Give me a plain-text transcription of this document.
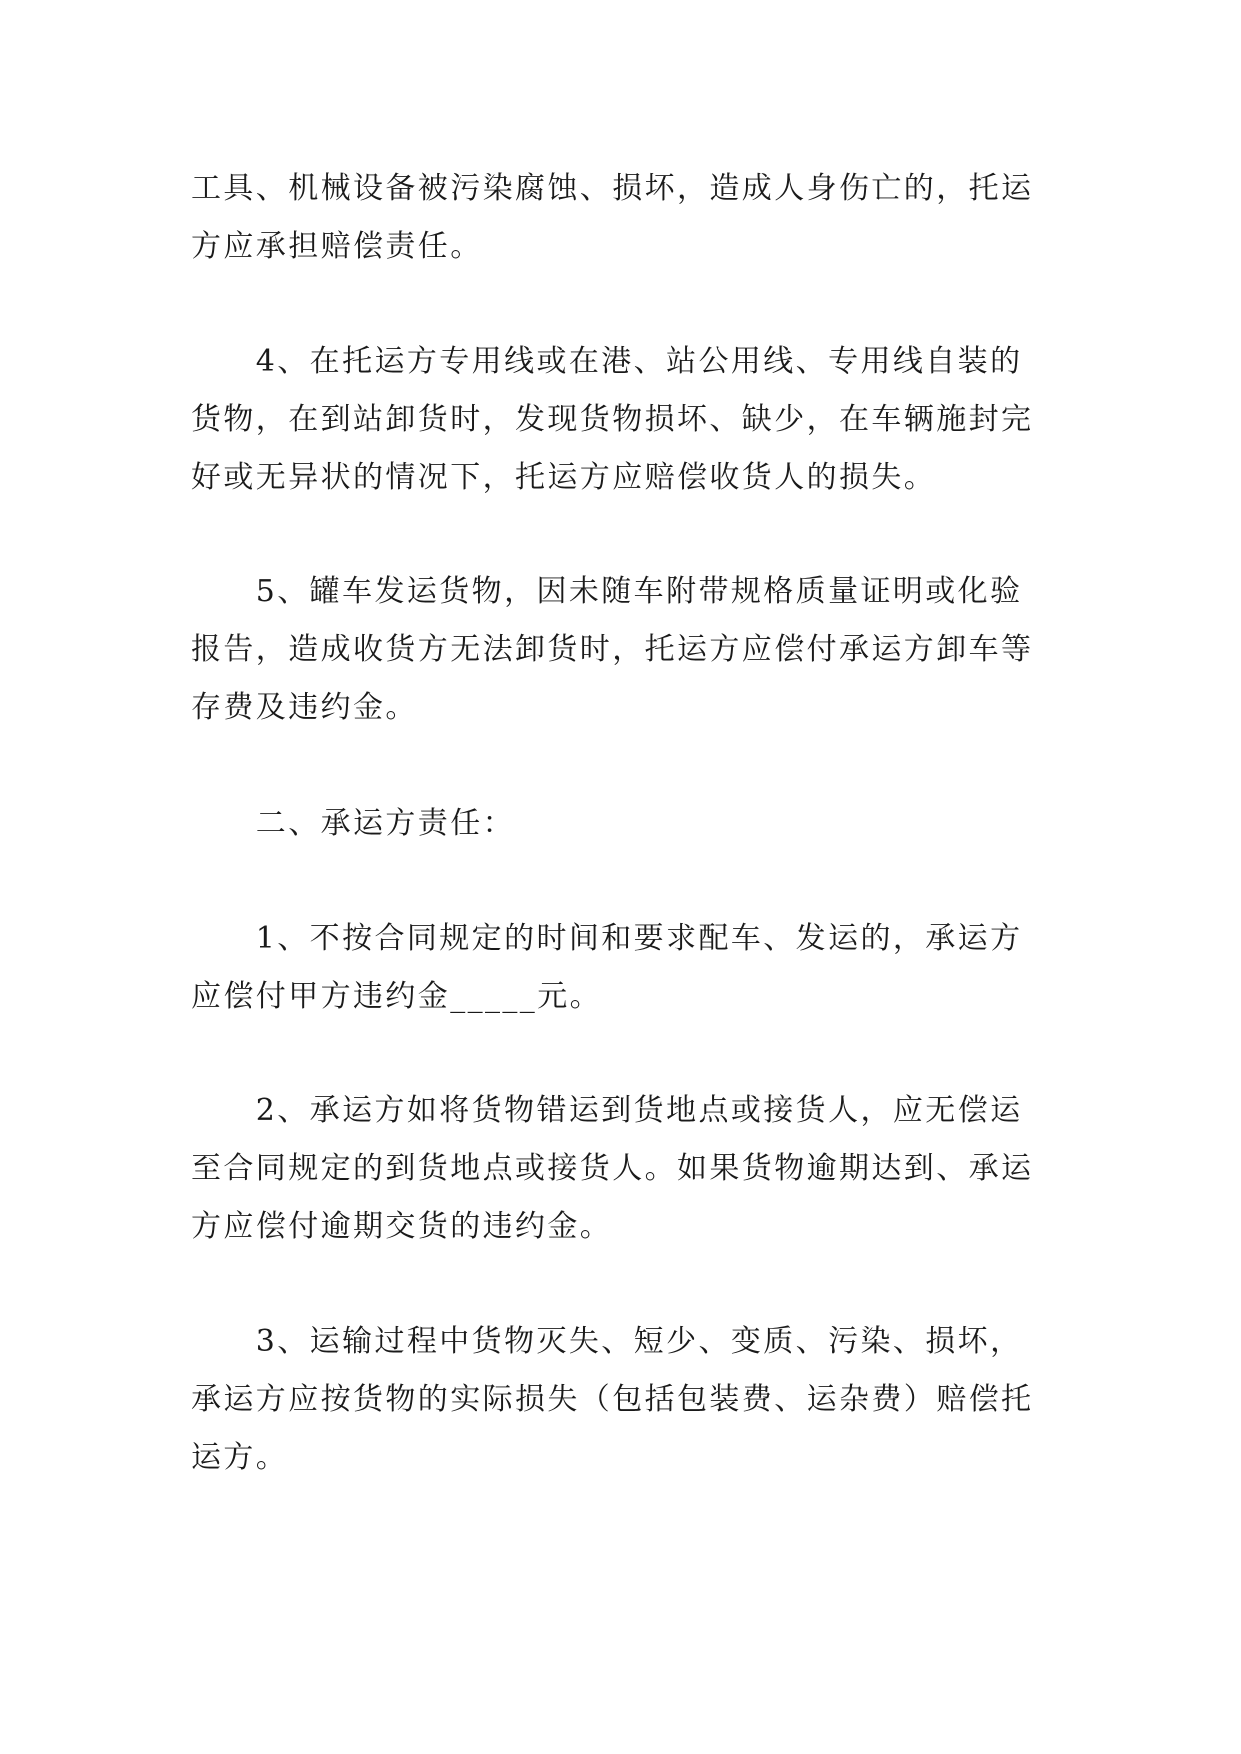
工具、机械设备被污染腐蚀、损坏，造成人身伤亡的，托运方应承担赔偿责任。

　　4、在托运方专用线或在港、站公用线、专用线自装的货物，在到站卸货时，发现货物损坏、缺少，在车辆施封完好或无异状的情况下，托运方应赔偿收货人的损失。

　　5、罐车发运货物，因未随车附带规格质量证明或化验报告，造成收货方无法卸货时，托运方应偿付承运方卸车等存费及违约金。

　　二、承运方责任：

　　1、不按合同规定的时间和要求配车、发运的，承运方应偿付甲方违约金_____元。

　　2、承运方如将货物错运到货地点或接货人，应无偿运至合同规定的到货地点或接货人。如果货物逾期达到、承运方应偿付逾期交货的违约金。

　　3、运输过程中货物灭失、短少、变质、污染、损坏，承运方应按货物的实际损失（包括包装费、运杂费）赔偿托运方。
